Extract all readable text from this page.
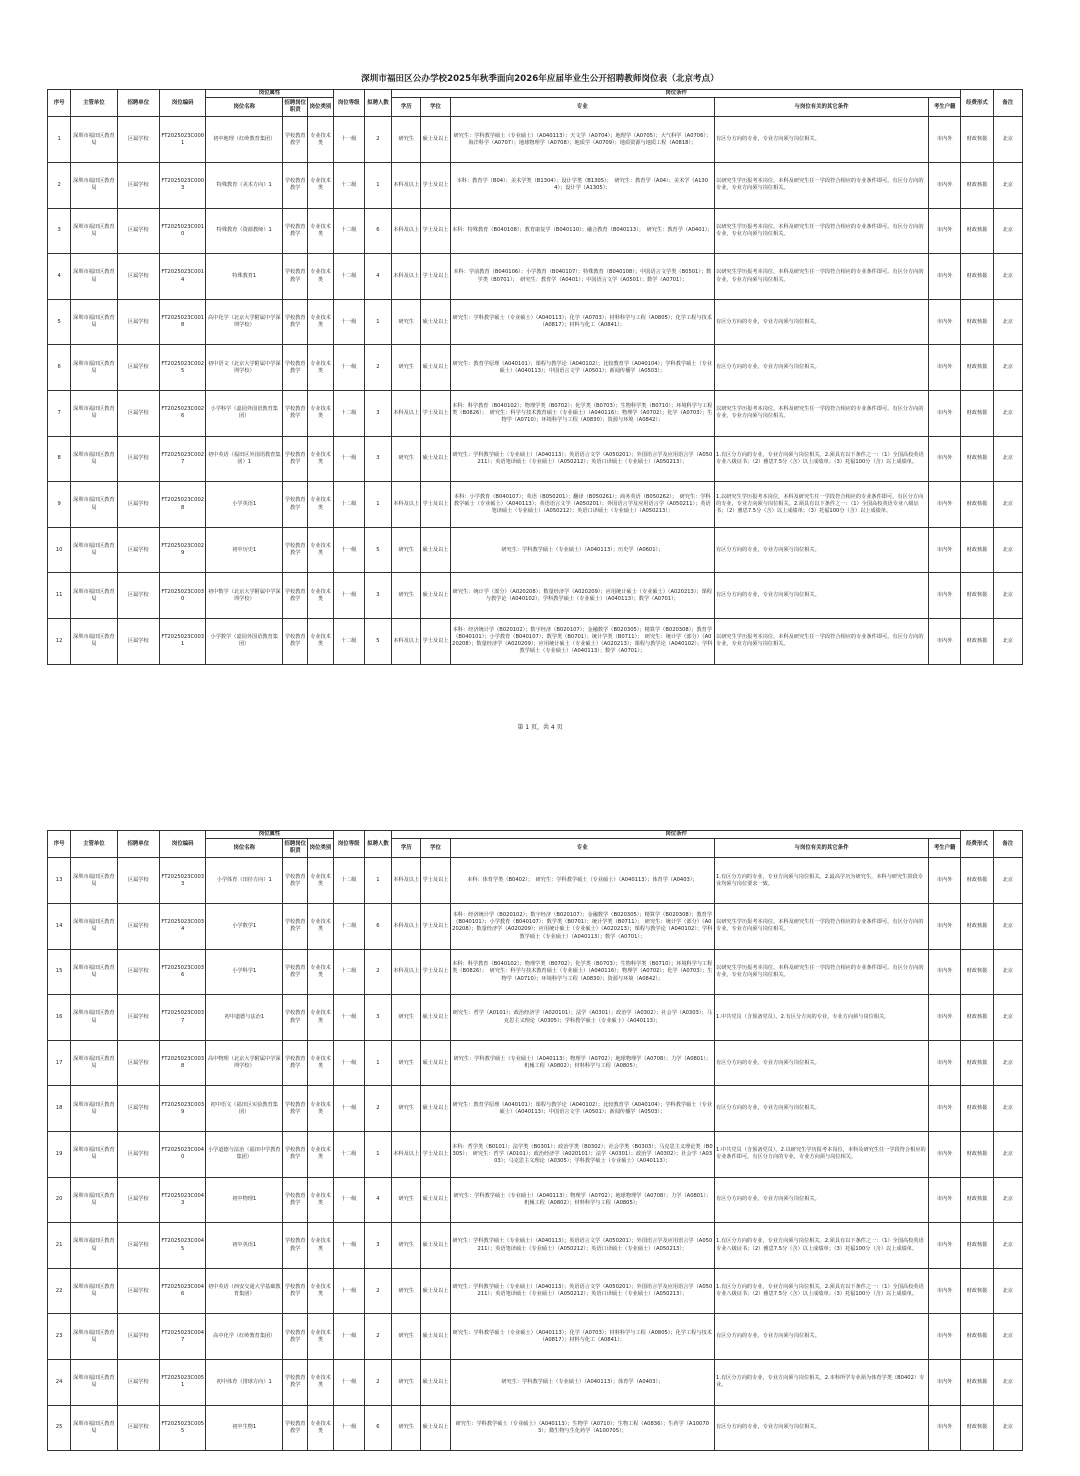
深圳市福田区公办学校2025年秋季面向2026年应届毕业生公开招聘教师岗位表（北京考点）
序号	主管单位	招聘单位	岗位编码	岗位属性			岗位等级	拟聘人数	岗位条件					经费形式	备注
				岗位名称	招聘岗位职责	岗位类别			学历	学位	专业	与岗位有关的其它条件	考生户籍		
1	深圳市福田区教育局	区属学校	FT2025023C0001	初中地理（红岭教育集团）	学校教育教学	专业技术类	十一级	2	研究生	硕士及以上	研究生：学科教学硕士（专业硕士）（A040113）；天文学（A0704）；地理学（A0705）；大气科学（A0706）；海洋科学（A0707）；地球物理学（A0708）；地质学（A0709）；地质资源与地质工程（A0818）；	有区分方向的专业，专业方向须与岗位相关。	市内外	财政核拨	北京
2	深圳市福田区教育局	区属学校	FT2025023C0003	特殊教育（美术方向）1	学校教育教学	专业技术类	十二级	1	本科及以上	学士及以上	本科：教育学（B04）；美术学类（B1304）；设计学类（B1305）；　研究生：教育学（A04）；美术学（A1304）；设计学（A1305）；	以研究生学历报考本岗位，本科及研究生任一学段符合相应的专业条件即可。有区分方向的专业，专业方向须与岗位相关。	市内外	财政核拨	北京
3	深圳市福田区教育局	区属学校	FT2025023C0010	特殊教育（资源教师）1	学校教育教学	专业技术类	十二级	6	本科及以上	学士及以上	本科：特殊教育（B040108）；教育康复学（B040110）；融合教育（B040113）；　研究生：教育学（A0401）；	以研究生学历报考本岗位，本科及研究生任一学段符合相应的专业条件即可。有区分方向的专业，专业方向须与岗位相关。	市内外	财政核拨	北京
4	深圳市福田区教育局	区属学校	FT2025023C0014	特殊教育1	学校教育教学	专业技术类	十二级	4	本科及以上	学士及以上	本科：学前教育（B040106）；小学教育（B040107）；特殊教育（B040108）；中国语言文学类（B0501）；数学类（B0701）；　研究生：教育学（A0401）；中国语言文学（A0501）；数学（A0701）；	以研究生学历报考本岗位，本科及研究生任一学段符合相应的专业条件即可。有区分方向的专业，专业方向须与岗位相关。	市内外	财政核拨	北京
5	深圳市福田区教育局	区属学校	FT2025023C0018	高中化学（北京大学附属中学深圳学校）	学校教育教学	专业技术类	十一级	1	研究生	硕士及以上	研究生：学科教学硕士（专业硕士）（A040113）；化学（A0703）；材料科学与工程（A0805）；化学工程与技术（A0817）；材料与化工（A0841）；	有区分方向的专业，专业方向须与岗位相关。	市内外	财政核拨	北京
6	深圳市福田区教育局	区属学校	FT2025023C0025	初中语文（北京大学附属中学深圳学校）	学校教育教学	专业技术类	十一级	2	研究生	硕士及以上	研究生：教育学原理（A040101）；课程与教学论（A040102）；比较教育学（A040104）；学科教学硕士（专业硕士）（A040113）；中国语言文学（A0501）；新闻传播学（A0503）；	有区分方向的专业，专业方向须与岗位相关。	市内外	财政核拨	北京
7	深圳市福田区教育局	区属学校	FT2025023C0026	小学科学（嘉园外国语教育集团）	学校教育教学	专业技术类	十二级	3	本科及以上	学士及以上	本科：科学教育（B040102）；物理学类（B0702）；化学类（B0703）；生物科学类（B0710）；环境科学与工程类（B0826）；　研究生：科学与技术教育硕士（专业硕士）（A040116）；物理学（A0702）；化学（A0703）；生物学（A0710）；环境科学与工程（A0830）；资源与环境（A0842）；	以研究生学历报考本岗位，本科及研究生任一学段符合相应的专业条件即可。有区分方向的专业，专业方向须与岗位相关。	市内外	财政核拨	北京
8	深圳市福田区教育局	区属学校	FT2025023C0027	初中英语（福田区外国语教育集团）1	学校教育教学	专业技术类	十一级	3	研究生	硕士及以上	研究生：学科教学硕士（专业硕士）（A040113）；英语语言文学（A050201）；外国语言学及应用语言学（A050211）；英语笔译硕士（专业硕士）（A050212）；英语口译硕士（专业硕士）（A050213）；	1.有区分方向的专业，专业方向须与岗位相关。2.须具有以下条件之一：（1）全国高校英语专业八级证书；（2）雅思7.5分（含）以上成绩单；（3）托福100分（含）以上成绩单。	市内外	财政核拨	北京
9	深圳市福田区教育局	区属学校	FT2025023C0028	小学英语1	学校教育教学	专业技术类	十二级	1	本科及以上	学士及以上	本科：小学教育（B040107）；英语（B050201）；翻译（B050261）；商务英语（B050262）；　研究生：学科教学硕士（专业硕士）（A040113）；英语语言文学（A050201）；外国语言学及应用语言学（A050211）；英语笔译硕士（专业硕士）（A050212）；英语口译硕士（专业硕士）（A050213）；	1.以研究生学历报考本岗位，本科及研究生任一学段符合相应的专业条件即可。有区分方向的专业，专业方向须与岗位相关。2.须具有以下条件之一：（1）全国高校英语专业八级证书；（2）雅思7.5分（含）以上成绩单；（3）托福100分（含）以上成绩单。	市内外	财政核拨	北京
10	深圳市福田区教育局	区属学校	FT2025023C0029	初中历史1	学校教育教学	专业技术类	十一级	5	研究生	硕士及以上	研究生：学科教学硕士（专业硕士）（A040113）；历史学（A0601）；	有区分方向的专业，专业方向须与岗位相关。	市内外	财政核拨	北京
11	深圳市福田区教育局	区属学校	FT2025023C0030	初中数学（北京大学附属中学深圳学校）	学校教育教学	专业技术类	十一级	3	研究生	硕士及以上	研究生：统计学（部分）（A020208）；数量经济学（A020209）；应用统计硕士（专业硕士）（A020213）；课程与教学论（A040102）；学科教学硕士（专业硕士）（A040113）；数学（A0701）；	有区分方向的专业，专业方向须与岗位相关。	市内外	财政核拨	北京
12	深圳市福田区教育局	区属学校	FT2025023C0031	小学数学（嘉园外国语教育集团）	学校教育教学	专业技术类	十二级	5	本科及以上	学士及以上	本科：经济统计学（B020102）；数字经济（B020107）；金融数学（B020305）；精算学（B020308）；教育学（B040101）；小学教育（B040107）；数学类（B0701）；统计学类（B0711）；　研究生：统计学（部分）（A020208）；数量经济学（A020209）；应用统计硕士（专业硕士）（A020213）；课程与教学论（A040102）；学科教学硕士（专业硕士）（A040113）；数学（A0701）；	以研究生学历报考本岗位，本科及研究生任一学段符合相应的专业条件即可。有区分方向的专业，专业方向须与岗位相关。	市内外	财政核拨	北京
第 1 页，共 4 页
序号	主管单位	招聘单位	岗位编码	岗位属性			岗位等级	拟聘人数	岗位条件					经费形式	备注
				岗位名称	招聘岗位职责	岗位类别			学历	学位	专业	与岗位有关的其它条件	考生户籍		
13	深圳市福田区教育局	区属学校	FT2025023C0033	小学体育（田径方向）1	学校教育教学	专业技术类	十二级	1	本科及以上	学士及以上	本科：体育学类（B0402）；　研究生：学科教学硕士（专业硕士）（A040113）；体育学（A0403）；	1.有区分方向的专业，专业方向须与岗位相关。2.最高学历为研究生，本科与研究生阶段专业均须与岗位要求一致。	市内外	财政核拨	北京
14	深圳市福田区教育局	区属学校	FT2025023C0034	小学数学1	学校教育教学	专业技术类	十二级	6	本科及以上	学士及以上	本科：经济统计学（B020102）；数字经济（B020107）；金融数学（B020305）；精算学（B020308）；教育学（B040101）；小学教育（B040107）；数学类（B0701）；统计学类（B0711）；　研究生：统计学（部分）（A020208）；数量经济学（A020209）；应用统计硕士（专业硕士）（A020213）；课程与教学论（A040102）；学科教学硕士（专业硕士）（A040113）；数学（A0701）；	以研究生学历报考本岗位，本科及研究生任一学段符合相应的专业条件即可。有区分方向的专业，专业方向须与岗位相关。	市内外	财政核拨	北京
15	深圳市福田区教育局	区属学校	FT2025023C0036	小学科学1	学校教育教学	专业技术类	十二级	2	本科及以上	学士及以上	本科：科学教育（B040102）；物理学类（B0702）；化学类（B0703）；生物科学类（B0710）；环境科学与工程类（B0826）；　研究生：科学与技术教育硕士（专业硕士）（A040116）；物理学（A0702）；化学（A0703）；生物学（A0710）；环境科学与工程（A0830）；资源与环境（A0842）；	以研究生学历报考本岗位，本科及研究生任一学段符合相应的专业条件即可。有区分方向的专业，专业方向须与岗位相关。	市内外	财政核拨	北京
16	深圳市福田区教育局	区属学校	FT2025023C0037	初中道德与法治1	学校教育教学	专业技术类	十一级	3	研究生	硕士及以上	研究生：哲学（A0101）；政治经济学（A020101）；法学（A0301）；政治学（A0302）；社会学（A0303）；马克思主义理论（A0305）；学科教学硕士（专业硕士）（A040113）；	1.中共党员（含预备党员）。2.有区分方向的专业，专业方向须与岗位相关。	市内外	财政核拨	北京
17	深圳市福田区教育局	区属学校	FT2025023C0038	高中物理（北京大学附属中学深圳学校）	学校教育教学	专业技术类	十一级	1	研究生	硕士及以上	研究生：学科教学硕士（专业硕士）（A040113）；物理学（A0702）；地球物理学（A0708）；力学（A0801）；机械工程（A0802）；材料科学与工程（A0805）；	有区分方向的专业，专业方向须与岗位相关。	市内外	财政核拨	北京
18	深圳市福田区教育局	区属学校	FT2025023C0039	初中语文（福田区实验教育集团）	学校教育教学	专业技术类	十一级	2	研究生	硕士及以上	研究生：教育学原理（A040101）；课程与教学论（A040102）；比较教育学（A040104）；学科教学硕士（专业硕士）（A040113）；中国语言文学（A0501）；新闻传播学（A0503）；	有区分方向的专业，专业方向须与岗位相关。	市内外	财政核拨	北京
19	深圳市福田区教育局	区属学校	FT2025023C0040	小学道德与法治（福田中学教育集团）	学校教育教学	专业技术类	十二级	1	本科及以上	学士及以上	本科：哲学类（B0101）；法学类（B0301）；政治学类（B0302）；社会学类（B0303）；马克思主义理论类（B0305）；　研究生：哲学（A0101）；政治经济学（A020101）；法学（A0301）；政治学（A0302）；社会学（A0303）；马克思主义理论（A0305）；学科教学硕士（专业硕士）（A040113）；	1.中共党员（含预备党员）。2.以研究生学历报考本岗位，本科及研究生任一学段符合相应的专业条件即可。有区分方向的专业，专业方向须与岗位相关。	市内外	财政核拨	北京
20	深圳市福田区教育局	区属学校	FT2025023C0043	初中物理1	学校教育教学	专业技术类	十一级	4	研究生	硕士及以上	研究生：学科教学硕士（专业硕士）（A040113）；物理学（A0702）；地球物理学（A0708）；力学（A0801）；机械工程（A0802）；材料科学与工程（A0805）；	有区分方向的专业，专业方向须与岗位相关。	市内外	财政核拨	北京
21	深圳市福田区教育局	区属学校	FT2025023C0045	初中英语1	学校教育教学	专业技术类	十一级	3	研究生	硕士及以上	研究生：学科教学硕士（专业硕士）（A040113）；英语语言文学（A050201）；外国语言学及应用语言学（A050211）；英语笔译硕士（专业硕士）（A050212）；英语口译硕士（专业硕士）（A050213）；	1.有区分方向的专业，专业方向须与岗位相关。2.须具有以下条件之一：（1）全国高校英语专业八级证书；（2）雅思7.5分（含）以上成绩单；（3）托福100分（含）以上成绩单。	市内外	财政核拨	北京
22	深圳市福田区教育局	区属学校	FT2025023C0046	初中英语（西安交通大学基础教育集团）	学校教育教学	专业技术类	十一级	2	研究生	硕士及以上	研究生：学科教学硕士（专业硕士）（A040113）；英语语言文学（A050201）；外国语言学及应用语言学（A050211）；英语笔译硕士（专业硕士）（A050212）；英语口译硕士（专业硕士）（A050213）；	1.有区分方向的专业，专业方向须与岗位相关。2.须具有以下条件之一：（1）全国高校英语专业八级证书；（2）雅思7.5分（含）以上成绩单；（3）托福100分（含）以上成绩单。	市内外	财政核拨	北京
23	深圳市福田区教育局	区属学校	FT2025023C0047	高中化学（红岭教育集团）	学校教育教学	专业技术类	十一级	2	研究生	硕士及以上	研究生：学科教学硕士（专业硕士）（A040113）；化学（A0703）；材料科学与工程（A0805）；化学工程与技术（A0817）；材料与化工（A0841）；	有区分方向的专业，专业方向须与岗位相关。	市内外	财政核拨	北京
24	深圳市福田区教育局	区属学校	FT2025023C0051	初中体育（排球方向）1	学校教育教学	专业技术类	十一级	2	研究生	硕士及以上	研究生：学科教学硕士（专业硕士）（A040113）；体育学（A0403）；	1.有区分方向的专业，专业方向须与岗位相关。2.本科所学专业须为体育学类（B0402）专业。	市内外	财政核拨	北京
25	深圳市福田区教育局	区属学校	FT2025023C0055	初中生物1	学校教育教学	专业技术类	十一级	6	研究生	硕士及以上	研究生：学科教学硕士（专业硕士）（A040113）；生物学（A0710）；生物工程（A0836）；生药学（A100703）；微生物与生化药学（A100705）；	有区分方向的专业，专业方向须与岗位相关。	市内外	财政核拨	北京
